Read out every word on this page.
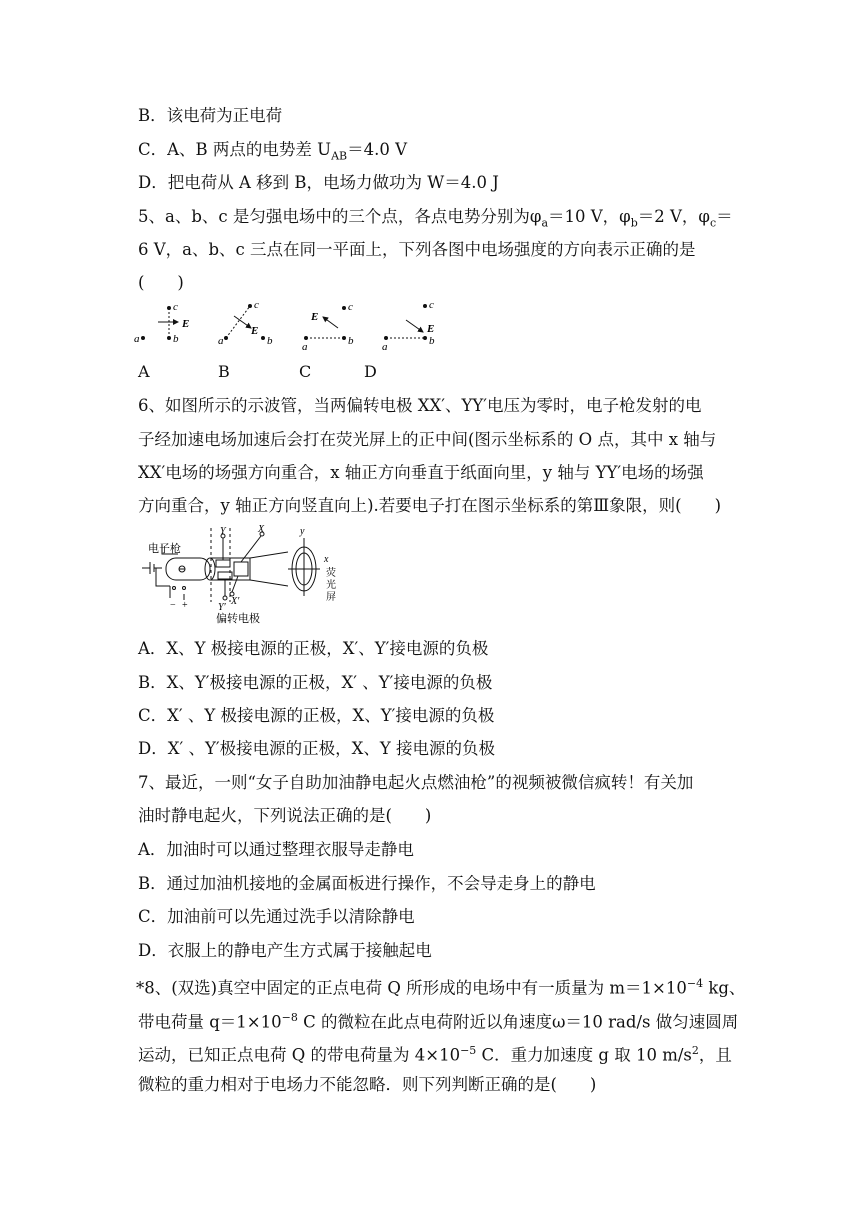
B．该电荷为正电荷
C．A、B 两点的电势差 $U_{AB}=4.0$ V
D．把电荷从 A 移到 B，电场力做功为 W＝4.0 J
5、a、b、c 是匀强电场中的三个点，各点电势分别为$\varphi_a=10$ V，$\varphi_b=2$ V，$\varphi_c=$
6 V，a、b、c 三点在同一平面上，下列各图中电场强度的方向表示正确的是
(　　)
a	b
c
E
a
c
b
E
a	b
c
E
a	b
c
E
A	B	C	D
6、如图所示的示波管，当两偏转电极 XX′、YY′电压为零时，电子枪发射的电
子经加速电场加速后会打在荧光屏上的正中间(图示坐标系的 O 点，其中 x 轴与
XX′电场的场强方向重合，x 轴正方向垂直于纸面向里，y 轴与 YY′电场的场强
方向重合，y 轴正方向竖直向上).若要电子打在图示坐标系的第Ⅲ象限，则(　　)
电子枪
Y	X
Y′
X′
偏转电极
y
x
荧
光
屏
− +
A．X、Y 极接电源的正极，X′、Y′接电源的负极
B．X、Y′极接电源的正极，X′ 、Y′接电源的负极
C．X′ 、Y 极接电源的正极，X、Y′接电源的负极
D．X′ 、Y′极接电源的正极，X、Y 接电源的负极
7、最近，一则“女子自助加油静电起火点燃油枪”的视频被微信疯转！有关加
油时静电起火，下列说法正确的是(　　)
A．加油时可以通过整理衣服导走静电
B．通过加油机接地的金属面板进行操作，不会导走身上的静电
C．加油前可以先通过洗手以清除静电
D．衣服上的静电产生方式属于接触起电
*8、(双选)真空中固定的正点电荷 Q 所形成的电场中有一质量为 $m=1\times 10^{-4}$ kg、
带电荷量 $q=1\times 10^{-8}$ C 的微粒在此点电荷附近以角速度ω＝10 rad/s 做匀速圆周
运动，已知正点电荷 Q 的带电荷量为 $4\times 10^{-5}$ C．重力加速度 g 取 10 $m/s^2$，且
微粒的重力相对于电场力不能忽略．则下列判断正确的是(　　)
